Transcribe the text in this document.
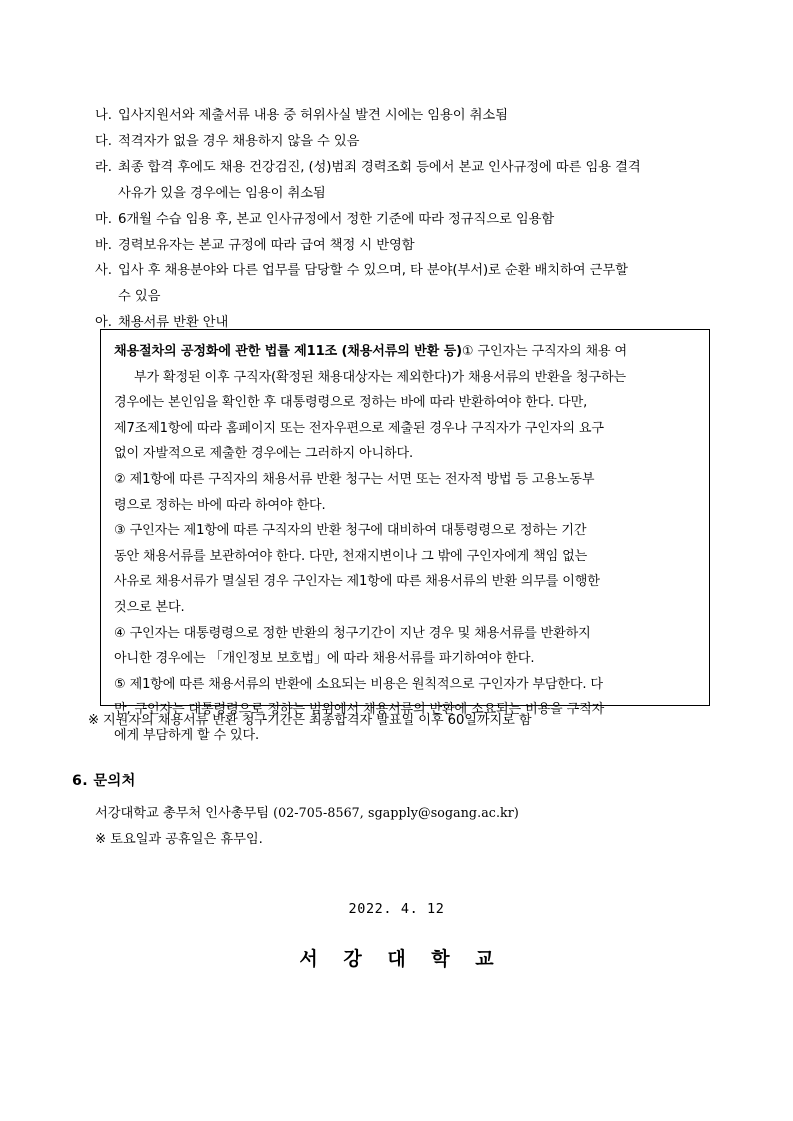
나. 입사지원서와 제출서류 내용 중 허위사실 발견 시에는 임용이 취소됨
다. 적격자가 없을 경우 채용하지 않을 수 있음
라. 최종 합격 후에도 채용 건강검진, (성)범죄 경력조회 등에서 본교 인사규정에 따른 임용 결격
사유가 있을 경우에는 임용이 취소됨
마. 6개월 수습 임용 후, 본교 인사규정에서 정한 기준에 따라 정규직으로 임용함
바. 경력보유자는 본교 규정에 따라 급여 책정 시 반영함
사. 입사 후 채용분야와 다른 업무를 담당할 수 있으며, 타 분야(부서)로 순환 배치하여 근무할
수 있음
아. 채용서류 반환 안내

채용절차의 공정화에 관한 법률 제11조 (채용서류의 반환 등)① 구인자는 구직자의 채용 여

부가 확정된 이후 구직자(확정된 채용대상자는 제외한다)가 채용서류의 반환을 청구하는

경우에는 본인임을 확인한 후 대통령령으로 정하는 바에 따라 반환하여야 한다. 다만,

제7조제1항에 따라 홈페이지 또는 전자우편으로 제출된 경우나 구직자가 구인자의 요구

없이 자발적으로 제출한 경우에는 그러하지 아니하다.

② 제1항에 따른 구직자의 채용서류 반환 청구는 서면 또는 전자적 방법 등 고용노동부

령으로 정하는 바에 따라 하여야 한다.

③ 구인자는 제1항에 따른 구직자의 반환 청구에 대비하여 대통령령으로 정하는 기간

동안 채용서류를 보관하여야 한다. 다만, 천재지변이나 그 밖에 구인자에게 책임 없는

사유로 채용서류가 멸실된 경우 구인자는 제1항에 따른 채용서류의 반환 의무를 이행한

것으로 본다.

④ 구인자는 대통령령으로 정한 반환의 청구기간이 지난 경우 및 채용서류를 반환하지

아니한 경우에는 「개인정보 보호법」에 따라 채용서류를 파기하여야 한다.

⑤ 제1항에 따른 채용서류의 반환에 소요되는 비용은 원칙적으로 구인자가 부담한다. 다

만, 구인자는 대통령령으로 정하는 범위에서 채용서류의 반환에 소요되는 비용을 구직자

에게 부담하게 할 수 있다.

※ 지원자의 채용서류 반환 청구기간은 최종합격자 발표일 이후 60일까지로 함
6. 문의처
서강대학교 총무처 인사총무팀 (02-705-8567, sgapply@sogang.ac.kr)
※ 토요일과 공휴일은 휴무임.
2022. 4. 12
서 강 대 학 교
